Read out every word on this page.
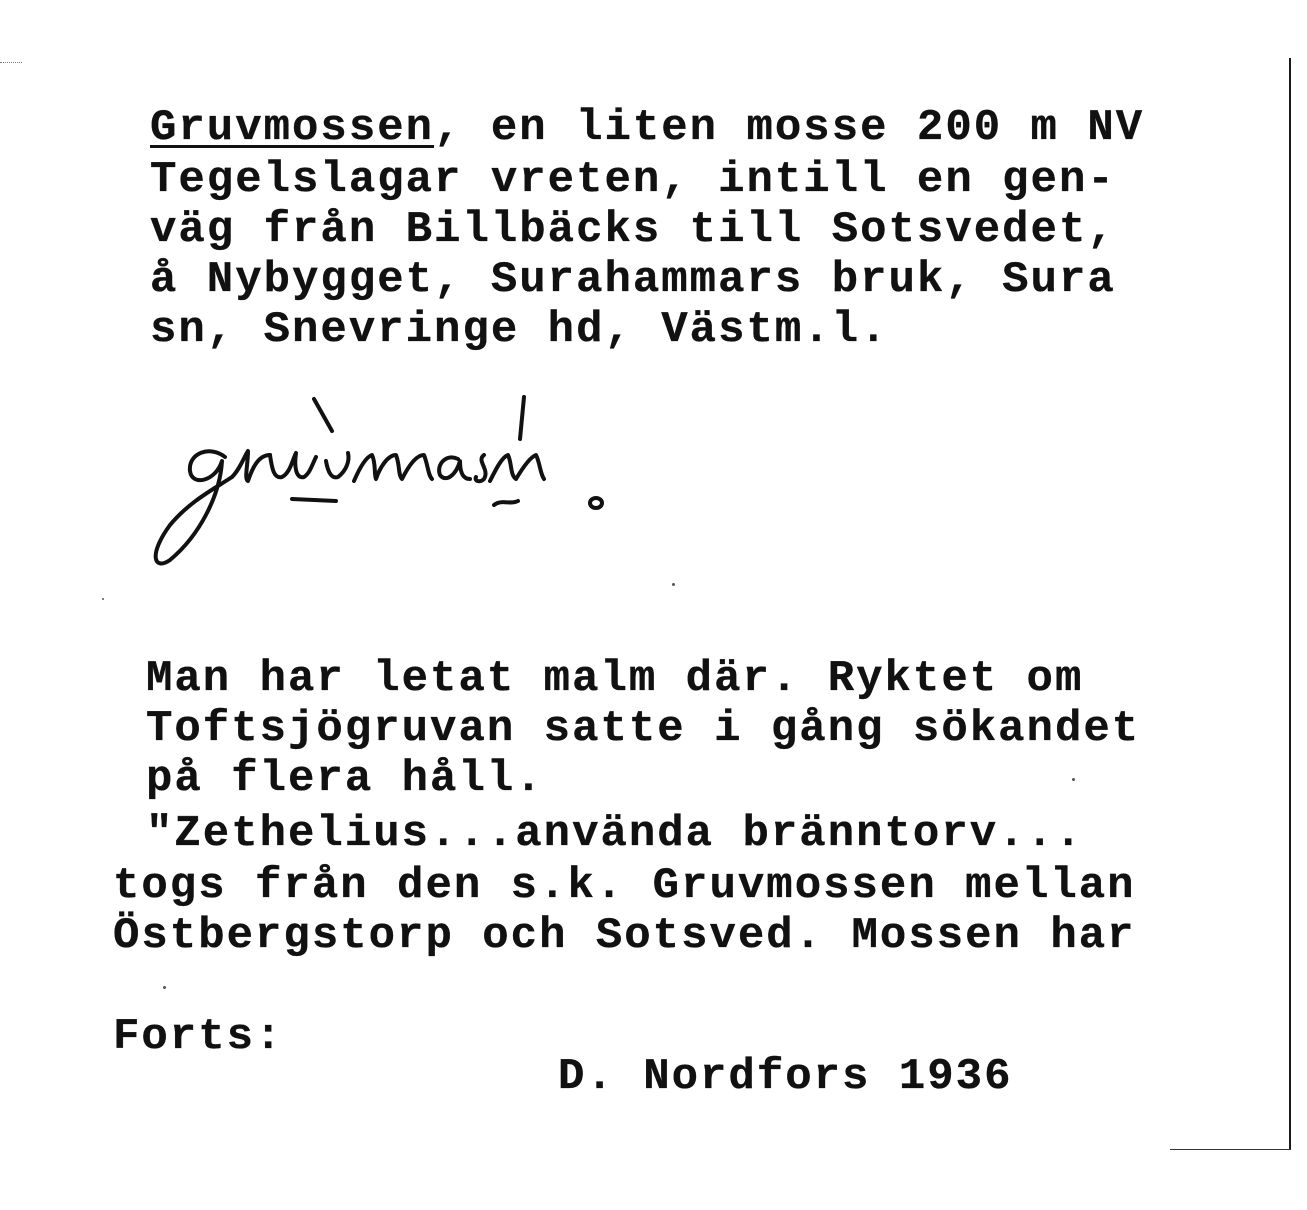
Gruvmossen, en liten mosse 200 m NV
Tegelslagar vreten, intill en gen-
väg från Billbäcks till Sotsvedet,
å Nybygget, Surahammars bruk, Sura
sn, Snevringe hd, Västm.l.
Man har letat malm där. Ryktet om
Toftsjögruvan satte i gång sökandet
på flera håll.
"Zethelius...använda bränntorv...
togs från den s.k. Gruvmossen mellan
Östbergstorp och Sotsved. Mossen har
Forts:
D. Nordfors 1936
